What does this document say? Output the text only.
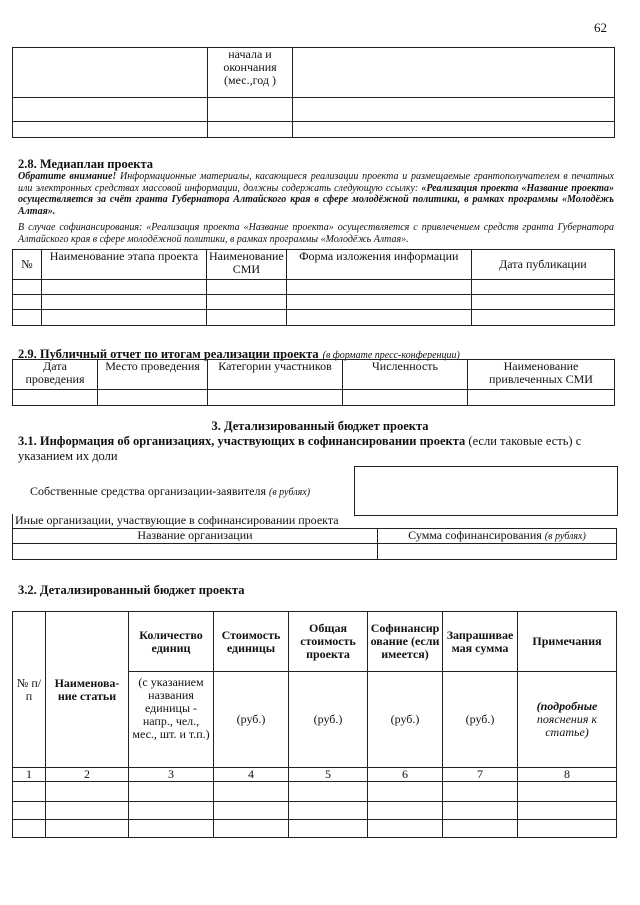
62
	начала и окончания (мес.,год )	

2.8. Медиаплан проекта
Обратите внимание! Информационные материалы, касающиеся реализации проекта и размещаемые грантополучателем в печатных или электронных средствах массовой информации, должны содержать следующую ссылку: «Реализация проекта «Название проекта» осуществляется за счёт гранта Губернатора Алтайского края в сфере молодёжной политики, в рамках программы «Молодёжь Алтая».
В случае софинансирования: «Реализация проекта «Название проекта» осуществляется с привлечением средств гранта Губернатора Алтайского края в сфере молодёжной политики, в рамках программы «Молодёжь Алтая».
№	Наименование этапа проекта	Наименование СМИ	Форма изложения информации	Дата публикации

2.9. Публичный отчет по итогам реализации проекта (в формате пресс-конференции)
Дата проведения	Место проведения	Категории участников	Численность	Наименование привлеченных СМИ

3. Детализированный бюджет проекта
3.1. Информация об организациях, участвующих в софинансировании проекта (если таковые есть) с указанием их доли
Собственные средства организации-заявителя (в рублях)
Иные организации, участвующие в софинансировании проекта	
Название организации	Сумма софинансирования (в рублях)

3.2. Детализированный бюджет проекта
№ п/п	Наименова-ние статьи	Количество единиц	Стоимость единицы	Общая стоимость проекта	Софинансирование (если имеется)	Запрашиваемая сумма	Примечания
		(с указанием названия единицы - напр., чел., мес., шт. и т.п.)	(руб.)	(руб.)	(руб.)	(руб.)	(подробные пояснения к статье)
1	2	3	4	5	6	7	8
